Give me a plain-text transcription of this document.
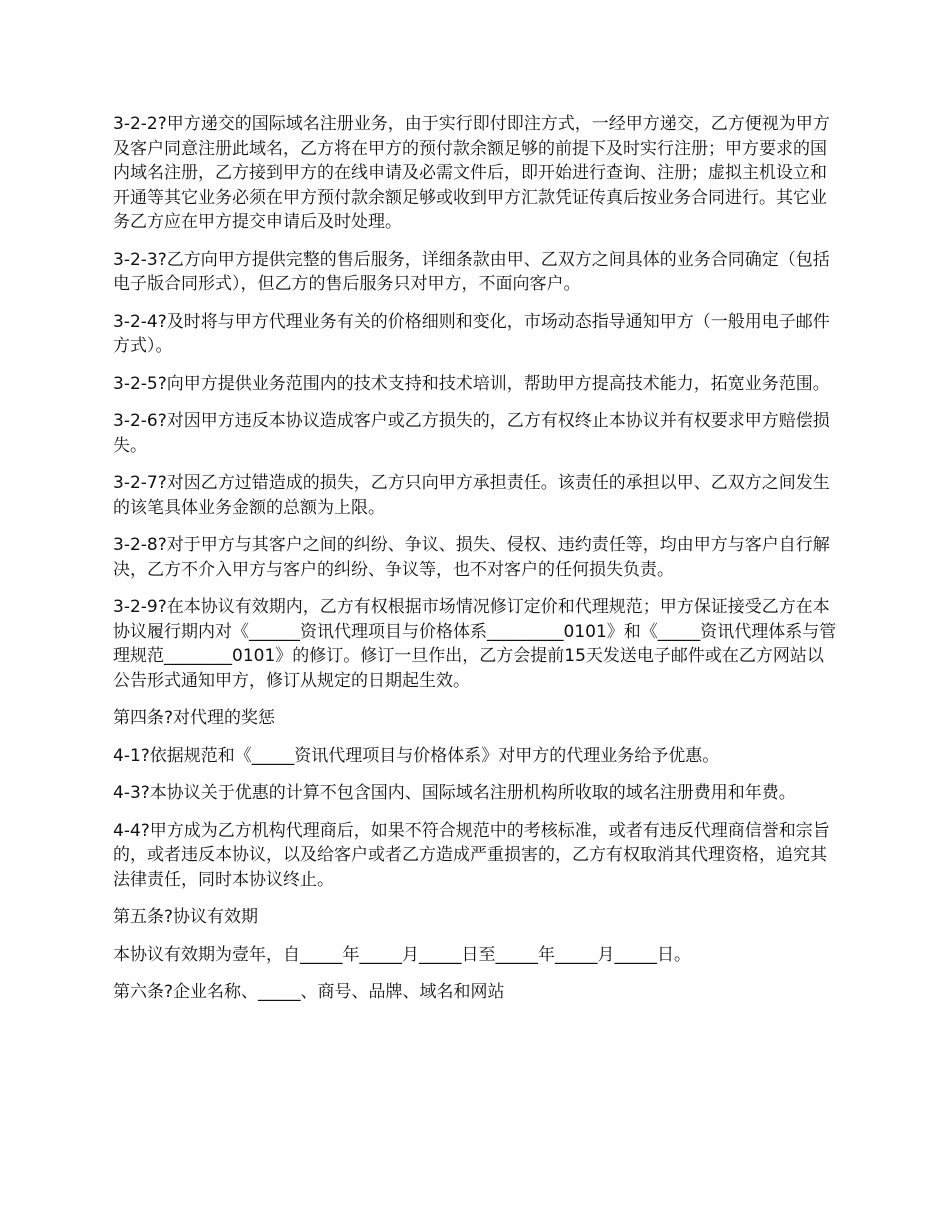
3-2-2?甲方递交的国际域名注册业务，由于实行即付即注方式，一经甲方递交，乙方便视为甲方及客户同意注册此域名，乙方将在甲方的预付款余额足够的前提下及时实行注册；甲方要求的国内域名注册，乙方接到甲方的在线申请及必需文件后，即开始进行查询、注册；虚拟主机设立和开通等其它业务必须在甲方预付款余额足够或收到甲方汇款凭证传真后按业务合同进行。其它业务乙方应在甲方提交申请后及时处理。

3-2-3?乙方向甲方提供完整的售后服务，详细条款由甲、乙双方之间具体的业务合同确定（包括电子版合同形式），但乙方的售后服务只对甲方，不面向客户。

3-2-4?及时将与甲方代理业务有关的价格细则和变化，市场动态指导通知甲方（一般用电子邮件方式）。

3-2-5?向甲方提供业务范围内的技术支持和技术培训，帮助甲方提高技术能力，拓宽业务范围。

3-2-6?对因甲方违反本协议造成客户或乙方损失的，乙方有权终止本协议并有权要求甲方赔偿损失。

3-2-7?对因乙方过错造成的损失，乙方只向甲方承担责任。该责任的承担以甲、乙双方之间发生的该笔具体业务金额的总额为上限。

3-2-8?对于甲方与其客户之间的纠纷、争议、损失、侵权、违约责任等，均由甲方与客户自行解决，乙方不介入甲方与客户的纠纷、争议等，也不对客户的任何损失负责。

3-2-9?在本协议有效期内，乙方有权根据市场情况修订定价和代理规范；甲方保证接受乙方在本协议履行期内对《______资讯代理项目与价格体系_________0101》和《_____资讯代理体系与管理规范________0101》的修订。修订一旦作出，乙方会提前15天发送电子邮件或在乙方网站以公告形式通知甲方，修订从规定的日期起生效。

第四条?对代理的奖惩

4-1?依据规范和《_____资讯代理项目与价格体系》对甲方的代理业务给予优惠。

4-3?本协议关于优惠的计算不包含国内、国际域名注册机构所收取的域名注册费用和年费。

4-4?甲方成为乙方机构代理商后，如果不符合规范中的考核标准，或者有违反代理商信誉和宗旨的，或者违反本协议，以及给客户或者乙方造成严重损害的，乙方有权取消其代理资格，追究其法律责任，同时本协议终止。

第五条?协议有效期

本协议有效期为壹年，自_____年_____月_____日至_____年_____月_____日。

第六条?企业名称、_____、商号、品牌、域名和网站
